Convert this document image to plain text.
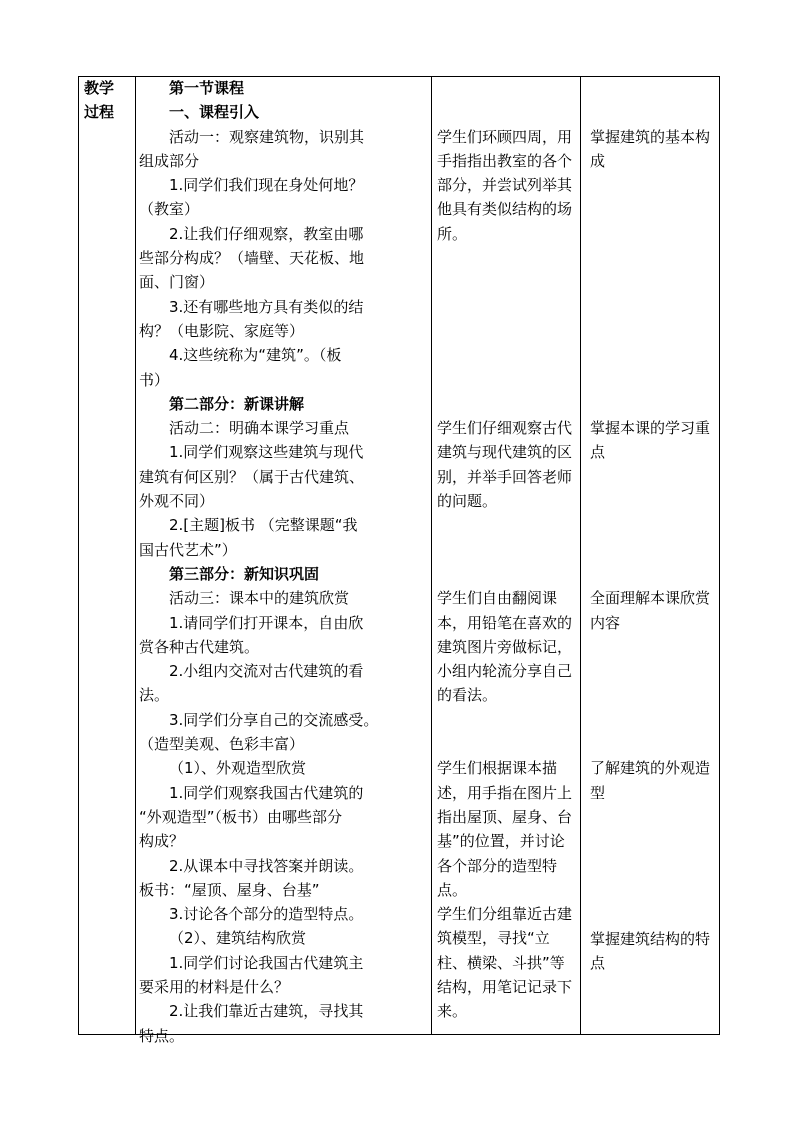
教学
过程
第一节课程
一、课程引入
活动一：观察建筑物，识别其
组成部分
1.同学们我们现在身处何地？
（教室）
2.让我们仔细观察，教室由哪
些部分构成？（墙壁、天花板、地
面、门窗）
3.还有哪些地方具有类似的结
构？（电影院、家庭等）
4.这些统称为“建筑”。（板
书）
第二部分：新课讲解
活动二：明确本课学习重点
1.同学们观察这些建筑与现代
建筑有何区别？（属于古代建筑、
外观不同）
2.[主题]板书 （完整课题“我
国古代艺术”）
第三部分：新知识巩固
活动三：课本中的建筑欣赏
1.请同学们打开课本，自由欣
赏各种古代建筑。
2.小组内交流对古代建筑的看
法。
3.同学们分享自己的交流感受。
（造型美观、色彩丰富）
（1）、外观造型欣赏
1.同学们观察我国古代建筑的
“外观造型”（板书）由哪些部分
构成？
2.从课本中寻找答案并朗读。
板书：“屋顶、屋身、台基”
3.讨论各个部分的造型特点。
（2）、建筑结构欣赏
1.同学们讨论我国古代建筑主
要采用的材料是什么？
2.让我们靠近古建筑，寻找其
特点。
学生们环顾四周，用手指指出教室的各个部分，并尝试列举其他具有类似结构的场所。
学生们仔细观察古代建筑与现代建筑的区别，并举手回答老师的问题。
学生们自由翻阅课本，用铅笔在喜欢的建筑图片旁做标记，小组内轮流分享自己的看法。
学生们根据课本描述，用手指在图片上指出屋顶、屋身、台基”的位置，并讨论各个部分的造型特点。
学生们分组靠近古建筑模型，寻找“立柱、横梁、斗拱”等结构，用笔记记录下来。
掌握建筑的基本构成
掌握本课的学习重点
全面理解本课欣赏内容
了解建筑的外观造型
掌握建筑结构的特点
